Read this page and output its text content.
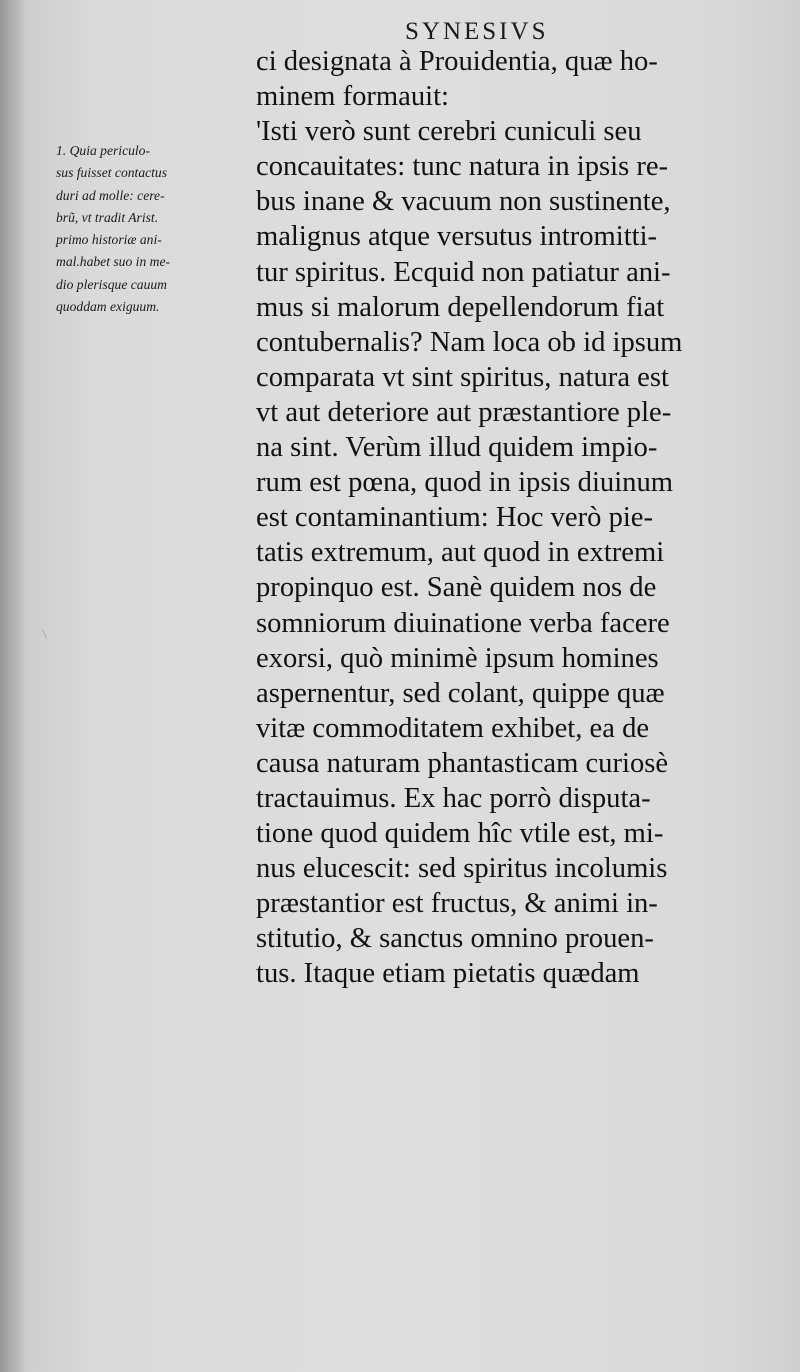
SYNESIVS
1. Quia periculo-
sus fuisset contactus
duri ad molle: cere-
brũ, vt tradit Arist.
primo historiæ ani-
mal.habet suo in me-
dio plerisque cauum
quoddam exiguum.
ci designata à Prouidentia, quæ ho-
minem formauit:
'Isti verò sunt cerebri cuniculi seu
concauitates: tunc natura in ipsis re-
bus inane & vacuum non sustinente,
malignus atque versutus intromitti-
tur spiritus. Ecquid non patiatur ani-
mus si malorum depellendorum fiat
contubernalis? Nam loca ob id ipsum
comparata vt sint spiritus, natura est
vt aut deteriore aut præstantiore ple-
na sint. Verùm illud quidem impio-
rum est pœna, quod in ipsis diuinum
est contaminantium: Hoc verò pie-
tatis extremum, aut quod in extremi
propinquo est. Sanè quidem nos de
somniorum diuinatione verba facere
exorsi, quò minimè ipsum homines
aspernentur, sed colant, quippe quæ
vitæ commoditatem exhibet, ea de
causa naturam phantasticam curiosè
tractauimus. Ex hac porrò disputa-
tione quod quidem hîc vtile est, mi-
nus elucescit: sed spiritus incolumis
præstantior est fructus, & animi in-
stitutio, & sanctus omnino prouen-
tus. Itaque etiam pietatis quædam
